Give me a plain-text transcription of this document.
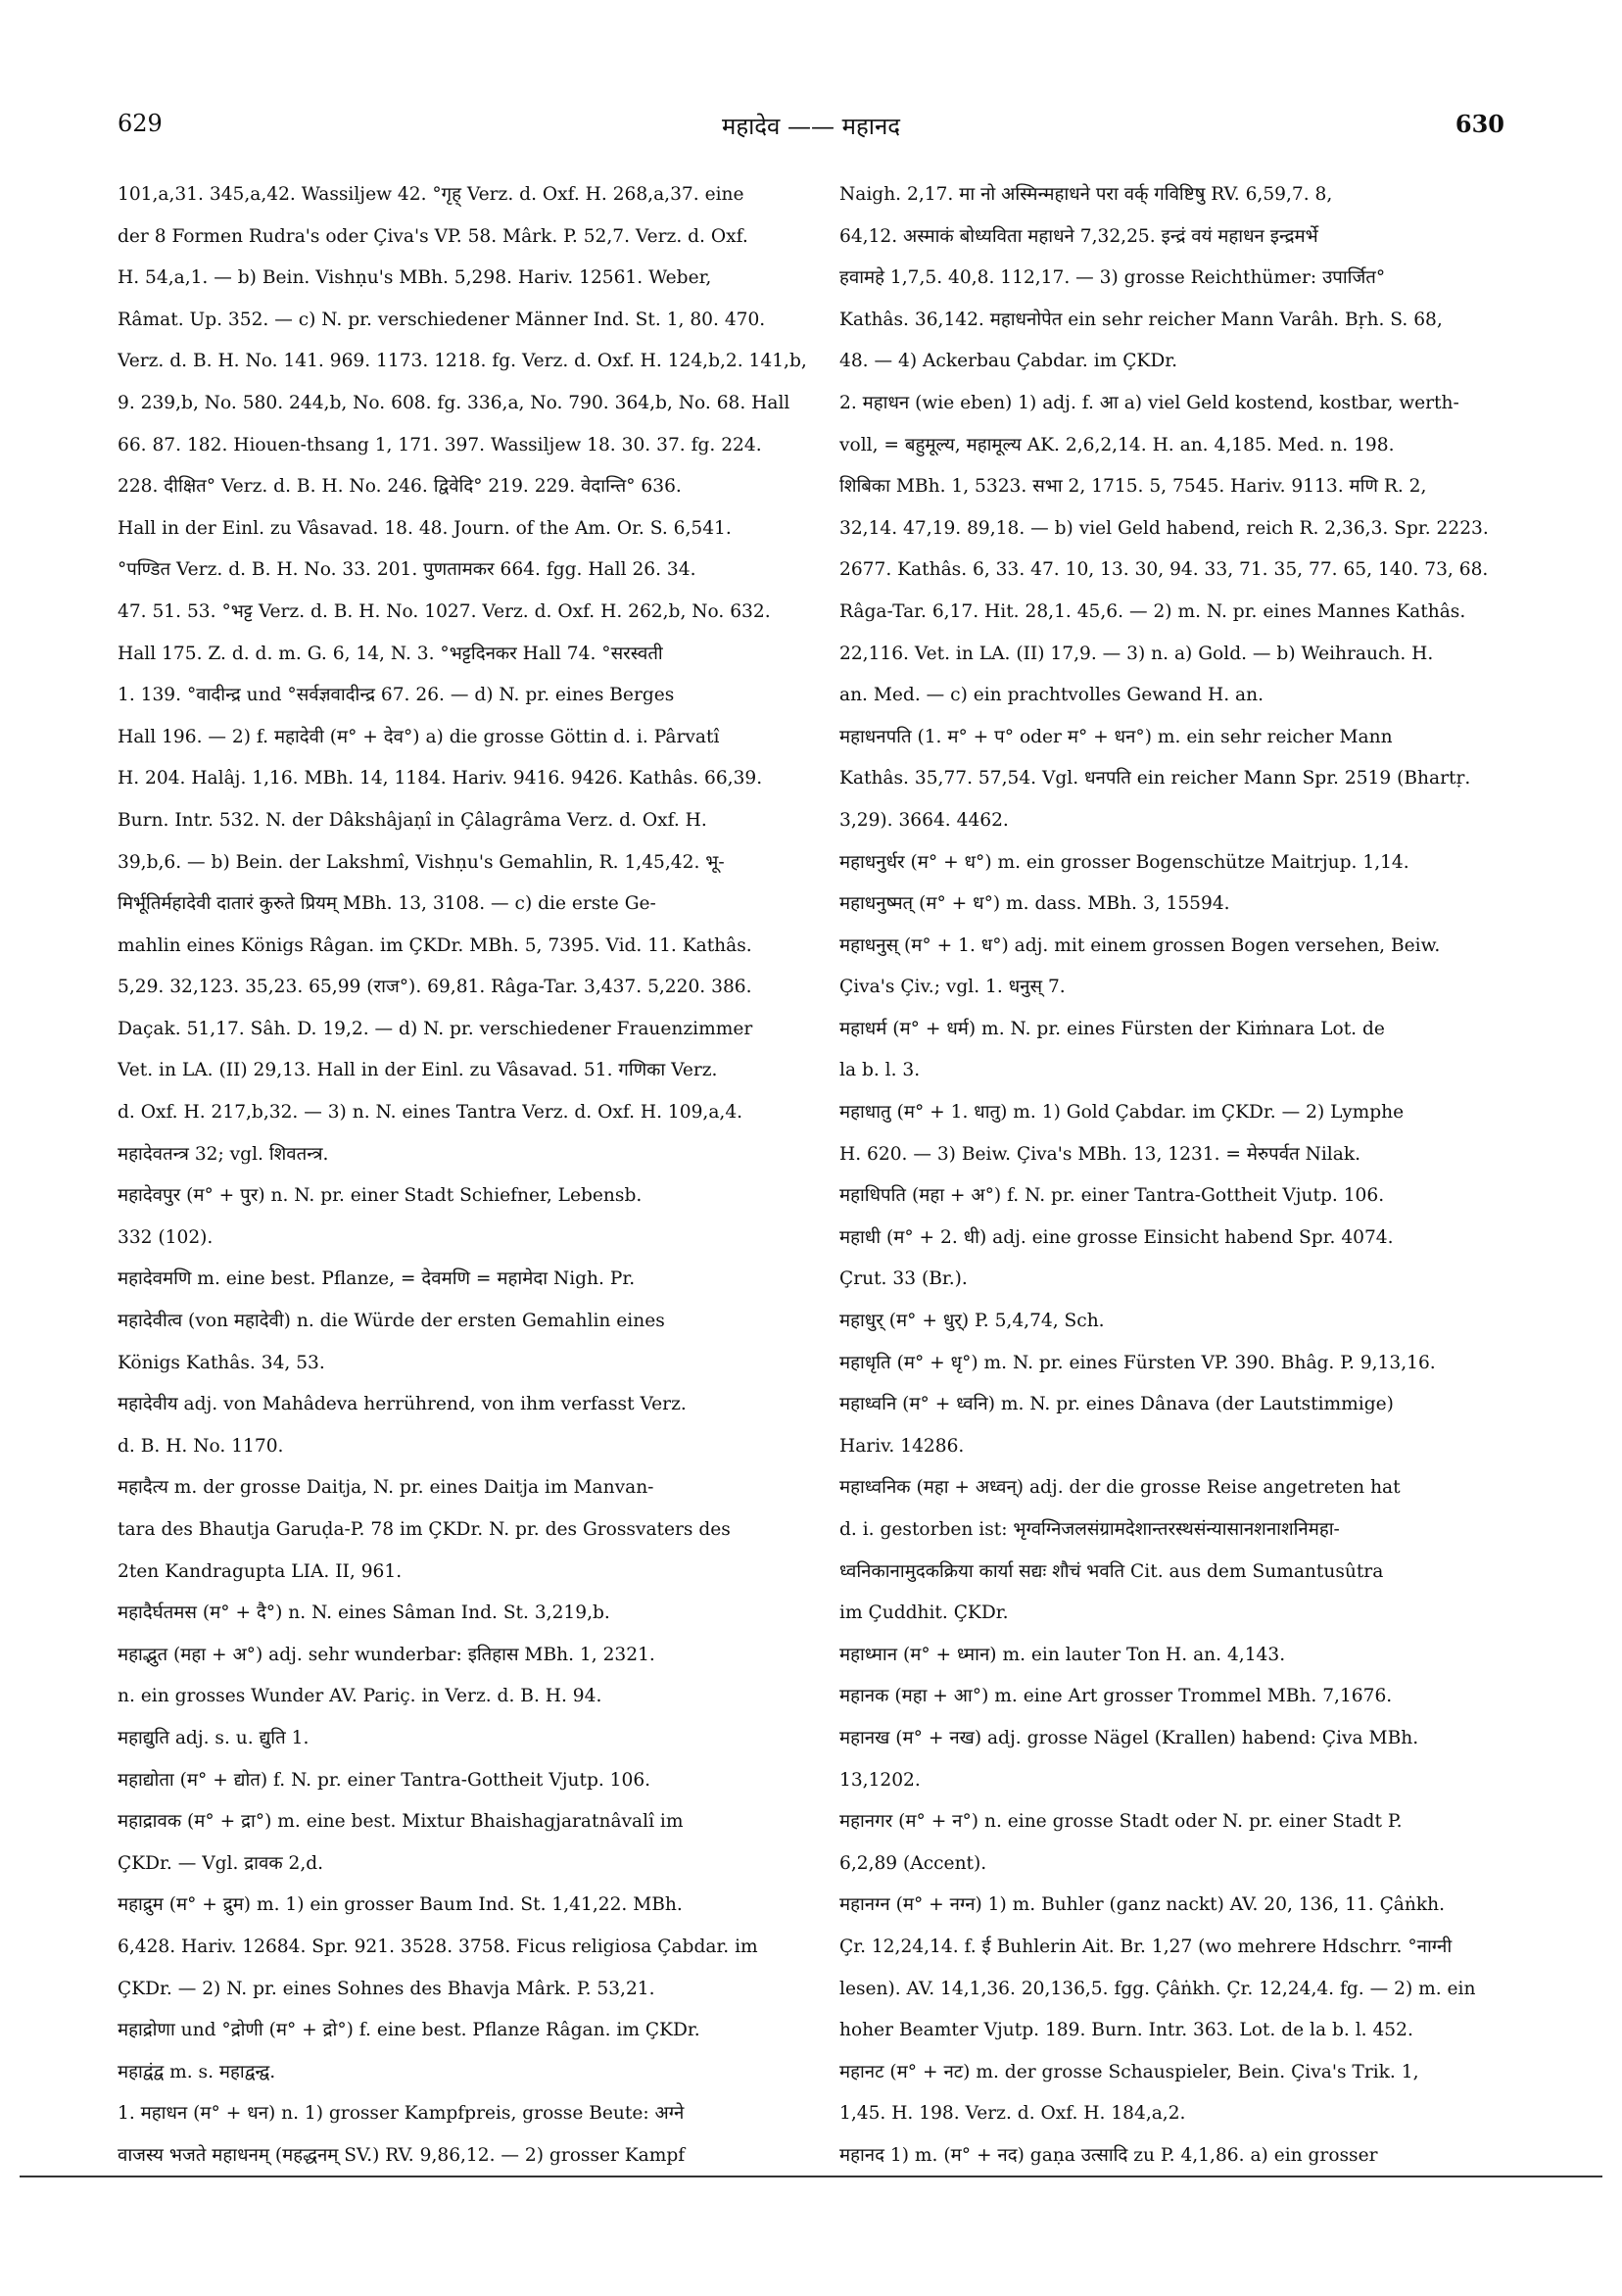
629	महादेव —— महानद	630
101,a,31. 345,a,42. Wassiljew 42. °गृह् Verz. d. Oxf. H. 268,a,37. eine
der 8 Formen Rudra's oder Çiva's VP. 58. Mârk. P. 52,7. Verz. d. Oxf.
H. 54,a,1. — b) Bein. Vishṇu's MBh. 5,298. Hariv. 12561. Weber,
Râmat. Up. 352. — c) N. pr. verschiedener Männer Ind. St. 1, 80. 470.
Verz. d. B. H. No. 141. 969. 1173. 1218. fg. Verz. d. Oxf. H. 124,b,2. 141,b,
9. 239,b, No. 580. 244,b, No. 608. fg. 336,a, No. 790. 364,b, No. 68. Hall
66. 87. 182. Hiouen-thsang 1, 171. 397. Wassiljew 18. 30. 37. fg. 224.
228. दीक्षित° Verz. d. B. H. No. 246. द्विवेदि° 219. 229. वेदान्ति° 636.
Hall in der Einl. zu Vâsavad. 18. 48. Journ. of the Am. Or. S. 6,541.
°पण्डित Verz. d. B. H. No. 33. 201. पुणतामकर 664. fgg. Hall 26. 34.
47. 51. 53. °भट्ट Verz. d. B. H. No. 1027. Verz. d. Oxf. H. 262,b, No. 632.
Hall 175. Z. d. d. m. G. 6, 14, N. 3. °भट्टदिनकर Hall 74. °सरस्वती
1. 139. °वादीन्द्र und °सर्वज्ञवादीन्द्र 67. 26. — d) N. pr. eines Berges
Hall 196. — 2) f. महादेवी (म° + देव°) a) die grosse Göttin d. i. Pârvatî
H. 204. Halâj. 1,16. MBh. 14, 1184. Hariv. 9416. 9426. Kathâs. 66,39.
Burn. Intr. 532. N. der Dâkshâjaṇî in Çâlagrâma Verz. d. Oxf. H.
39,b,6. — b) Bein. der Lakshmî, Vishṇu's Gemahlin, R. 1,45,42. भू-
मिर्भूतिर्महादेवी दातारं कुरुते प्रियम् MBh. 13, 3108. — c) die erste Ge-
mahlin eines Königs Râgan. im ÇKDr. MBh. 5, 7395. Vid. 11. Kathâs.
5,29. 32,123. 35,23. 65,99 (राज°). 69,81. Râga-Tar. 3,437. 5,220. 386.
Daçak. 51,17. Sâh. D. 19,2. — d) N. pr. verschiedener Frauenzimmer
Vet. in LA. (II) 29,13. Hall in der Einl. zu Vâsavad. 51. गणिका Verz.
d. Oxf. H. 217,b,32. — 3) n. N. eines Tantra Verz. d. Oxf. H. 109,a,4.
महादेवतन्त्र 32; vgl. शिवतन्त्र.
महादेवपुर (म° + पुर) n. N. pr. einer Stadt Schiefner, Lebensb.
332 (102).
महादेवमणि m. eine best. Pflanze, = देवमणि = महामेदा Nigh. Pr.
महादेवीत्व (von महादेवी) n. die Würde der ersten Gemahlin eines
Königs Kathâs. 34, 53.
महादेवीय adj. von Mahâdeva herrührend, von ihm verfasst Verz.
d. B. H. No. 1170.
महादैत्य m. der grosse Daitja, N. pr. eines Daitja im Manvan-
tara des Bhautja Garuḍa-P. 78 im ÇKDr. N. pr. des Grossvaters des
2ten Kandragupta LIA. II, 961.
महादैर्घतमस (म° + दै°) n. N. eines Sâman Ind. St. 3,219,b.
महाद्भुत (महा + अ°) adj. sehr wunderbar: इतिहास MBh. 1, 2321.
n. ein grosses Wunder AV. Pariç. in Verz. d. B. H. 94.
महाद्युति adj. s. u. द्युति 1.
महाद्योता (म° + द्योत) f. N. pr. einer Tantra-Gottheit Vjutp. 106.
महाद्रावक (म° + द्रा°) m. eine best. Mixtur Bhaishagjaratnâvalî im
ÇKDr. — Vgl. द्रावक 2,d.
महाद्रुम (म° + द्रुम) m. 1) ein grosser Baum Ind. St. 1,41,22. MBh.
6,428. Hariv. 12684. Spr. 921. 3528. 3758. Ficus religiosa Çabdar. im
ÇKDr. — 2) N. pr. eines Sohnes des Bhavja Mârk. P. 53,21.
महाद्रोणा und °द्रोणी (म° + द्रो°) f. eine best. Pflanze Râgan. im ÇKDr.
महाद्वंद्व m. s. महाद्वन्द्व.
1. महाधन (म° + धन) n. 1) grosser Kampfpreis, grosse Beute: अग्ने
वाजस्य भजते महाधनम् (महद्धनम् SV.) RV. 9,86,12. — 2) grosser Kampf
Naigh. 2,17. मा नो अस्मिन्महाधने परा वर्क् गविष्टिषु RV. 6,59,7. 8,
64,12. अस्माकं बोध्यविता महाधने 7,32,25. इन्द्रं वयं महाधन इन्द्रमर्भे
हवामहे 1,7,5. 40,8. 112,17. — 3) grosse Reichthümer: उपार्जित°
Kathâs. 36,142. महाधनोपेत ein sehr reicher Mann Varâh. Bṛh. S. 68,
48. — 4) Ackerbau Çabdar. im ÇKDr.
2. महाधन (wie eben) 1) adj. f. आ a) viel Geld kostend, kostbar, werth-
voll, = बहुमूल्य, महामूल्य AK. 2,6,2,14. H. an. 4,185. Med. n. 198.
शिबिका MBh. 1, 5323. सभा 2, 1715. 5, 7545. Hariv. 9113. मणि R. 2,
32,14. 47,19. 89,18. — b) viel Geld habend, reich R. 2,36,3. Spr. 2223.
2677. Kathâs. 6, 33. 47. 10, 13. 30, 94. 33, 71. 35, 77. 65, 140. 73, 68.
Râga-Tar. 6,17. Hit. 28,1. 45,6. — 2) m. N. pr. eines Mannes Kathâs.
22,116. Vet. in LA. (II) 17,9. — 3) n. a) Gold. — b) Weihrauch. H.
an. Med. — c) ein prachtvolles Gewand H. an.
महाधनपति (1. म° + प° oder म° + धन°) m. ein sehr reicher Mann
Kathâs. 35,77. 57,54. Vgl. धनपति ein reicher Mann Spr. 2519 (Bhartṛ.
3,29). 3664. 4462.
महाधनुर्धर (म° + ध°) m. ein grosser Bogenschütze Maitrjup. 1,14.
महाधनुष्मत् (म° + ध°) m. dass. MBh. 3, 15594.
महाधनुस् (म° + 1. ध°) adj. mit einem grossen Bogen versehen, Beiw.
Çiva's Çiv.; vgl. 1. धनुस् 7.
महाधर्म (म° + धर्म) m. N. pr. eines Fürsten der Kiṁnara Lot. de
la b. l. 3.
महाधातु (म° + 1. धातु) m. 1) Gold Çabdar. im ÇKDr. — 2) Lymphe
H. 620. — 3) Beiw. Çiva's MBh. 13, 1231. = मेरुपर्वत Nilak.
महाधिपति (महा + अ°) f. N. pr. einer Tantra-Gottheit Vjutp. 106.
महाधी (म° + 2. धी) adj. eine grosse Einsicht habend Spr. 4074.
Çrut. 33 (Br.).
महाधुर् (म° + धुर्) P. 5,4,74, Sch.
महाधृति (म° + धृ°) m. N. pr. eines Fürsten VP. 390. Bhâg. P. 9,13,16.
महाध्वनि (म° + ध्वनि) m. N. pr. eines Dânava (der Lautstimmige)
Hariv. 14286.
महाध्वनिक (महा + अध्वन्) adj. der die grosse Reise angetreten hat
d. i. gestorben ist: भृग्वग्निजलसंग्रामदेशान्तरस्थसंन्यासानशनाशनिमहा-
ध्वनिकानामुदकक्रिया कार्या सद्यः शौचं भवति Cit. aus dem Sumantusûtra
im Çuddhit. ÇKDr.
महाध्मान (म° + ध्मान) m. ein lauter Ton H. an. 4,143.
महानक (महा + आ°) m. eine Art grosser Trommel MBh. 7,1676.
महानख (म° + नख) adj. grosse Nägel (Krallen) habend: Çiva MBh.
13,1202.
महानगर (म° + न°) n. eine grosse Stadt oder N. pr. einer Stadt P.
6,2,89 (Accent).
महानग्न (म° + नग्न) 1) m. Buhler (ganz nackt) AV. 20, 136, 11. Çâṅkh.
Çr. 12,24,14. f. ई Buhlerin Ait. Br. 1,27 (wo mehrere Hdschrr. °नाग्नी
lesen). AV. 14,1,36. 20,136,5. fgg. Çâṅkh. Çr. 12,24,4. fg. — 2) m. ein
hoher Beamter Vjutp. 189. Burn. Intr. 363. Lot. de la b. l. 452.
महानट (म° + नट) m. der grosse Schauspieler, Bein. Çiva's Trik. 1,
1,45. H. 198. Verz. d. Oxf. H. 184,a,2.
महानद 1) m. (म° + नद) gaṇa उत्सादि zu P. 4,1,86. a) ein grosser
